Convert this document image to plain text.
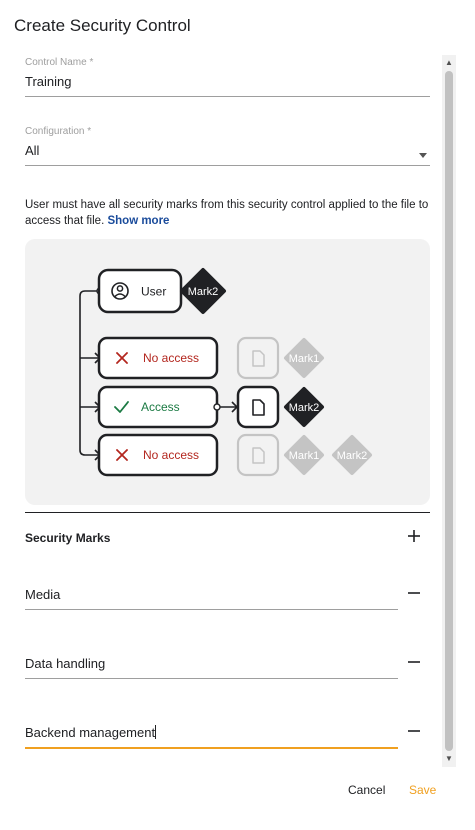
Create Security Control
▲
▼
Control Name *
Training
Configuration *
All
User must have all security marks from this security control applied to the file to access that file. Show more
User Mark2
No access	Mark1
Access	Mark2
No access	Mark1 Mark2
Security Marks
Media
Data handling
Backend management
Cancel Save
